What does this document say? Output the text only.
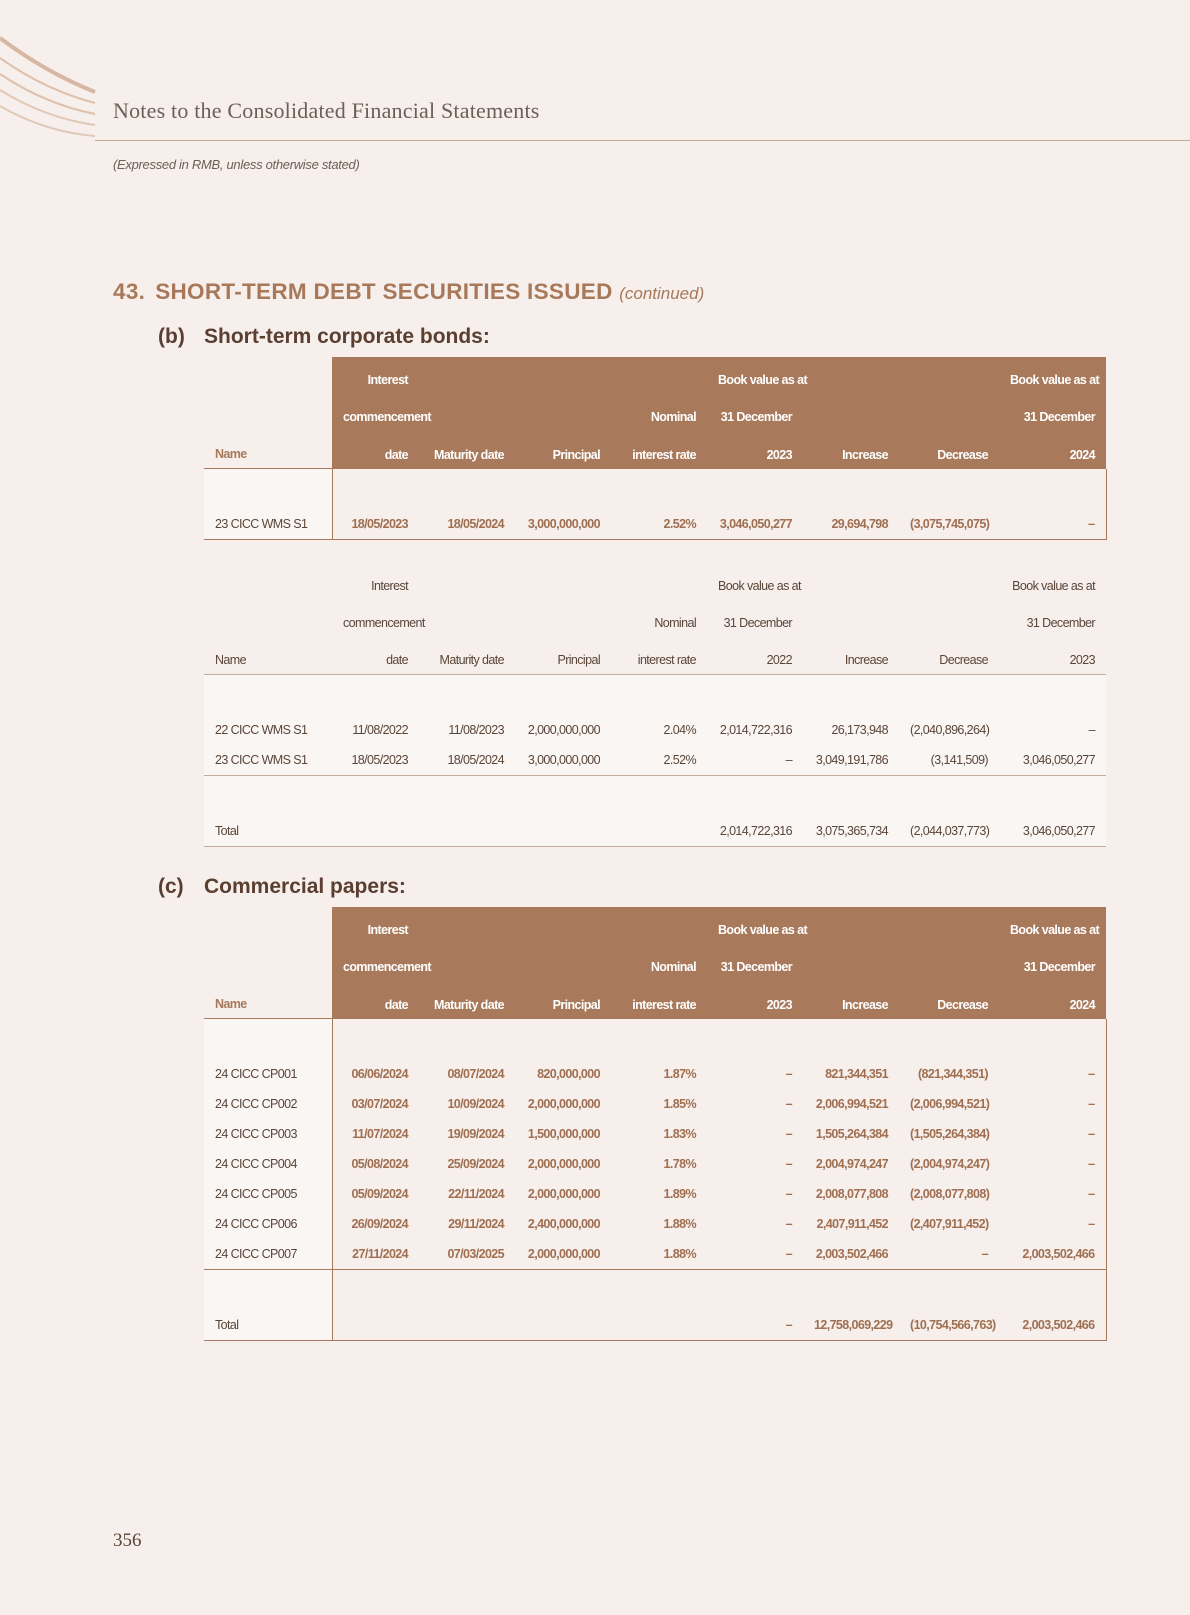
Notes to the Consolidated Financial Statements
(Expressed in RMB, unless otherwise stated)
43. SHORT-TERM DEBT SECURITIES ISSUED (continued)
(b) Short-term corporate bonds:
	Interest				Book value as at			Book value as at
	commencement			Nominal	31 December			31 December
Name	date	Maturity date	Principal	interest rate	2023	Increase	Decrease	2024

23 CICC WMS S1	18/05/2023	18/05/2024	3,000,000,000	2.52%	3,046,050,277	29,694,798	(3,075,745,075)	–
	Interest				Book value as at			Book value as at
	commencement			Nominal	31 December			31 December
Name	date	Maturity date	Principal	interest rate	2022	Increase	Decrease	2023

22 CICC WMS S1	11/08/2022	11/08/2023	2,000,000,000	2.04%	2,014,722,316	26,173,948	(2,040,896,264)	–
23 CICC WMS S1	18/05/2023	18/05/2024	3,000,000,000	2.52%	–	3,049,191,786	(3,141,509)	3,046,050,277

Total					2,014,722,316	3,075,365,734	(2,044,037,773)	3,046,050,277
(c) Commercial papers:
	Interest				Book value as at			Book value as at
	commencement			Nominal	31 December			31 December
Name	date	Maturity date	Principal	interest rate	2023	Increase	Decrease	2024

24 CICC CP001	06/06/2024	08/07/2024	820,000,000	1.87%	–	821,344,351	(821,344,351)	–
24 CICC CP002	03/07/2024	10/09/2024	2,000,000,000	1.85%	–	2,006,994,521	(2,006,994,521)	–
24 CICC CP003	11/07/2024	19/09/2024	1,500,000,000	1.83%	–	1,505,264,384	(1,505,264,384)	–
24 CICC CP004	05/08/2024	25/09/2024	2,000,000,000	1.78%	–	2,004,974,247	(2,004,974,247)	–
24 CICC CP005	05/09/2024	22/11/2024	2,000,000,000	1.89%	–	2,008,077,808	(2,008,077,808)	–
24 CICC CP006	26/09/2024	29/11/2024	2,400,000,000	1.88%	–	2,407,911,452	(2,407,911,452)	–
24 CICC CP007	27/11/2024	07/03/2025	2,000,000,000	1.88%	–	2,003,502,466	–	2,003,502,466

Total					–	12,758,069,229	(10,754,566,763)	2,003,502,466
356
